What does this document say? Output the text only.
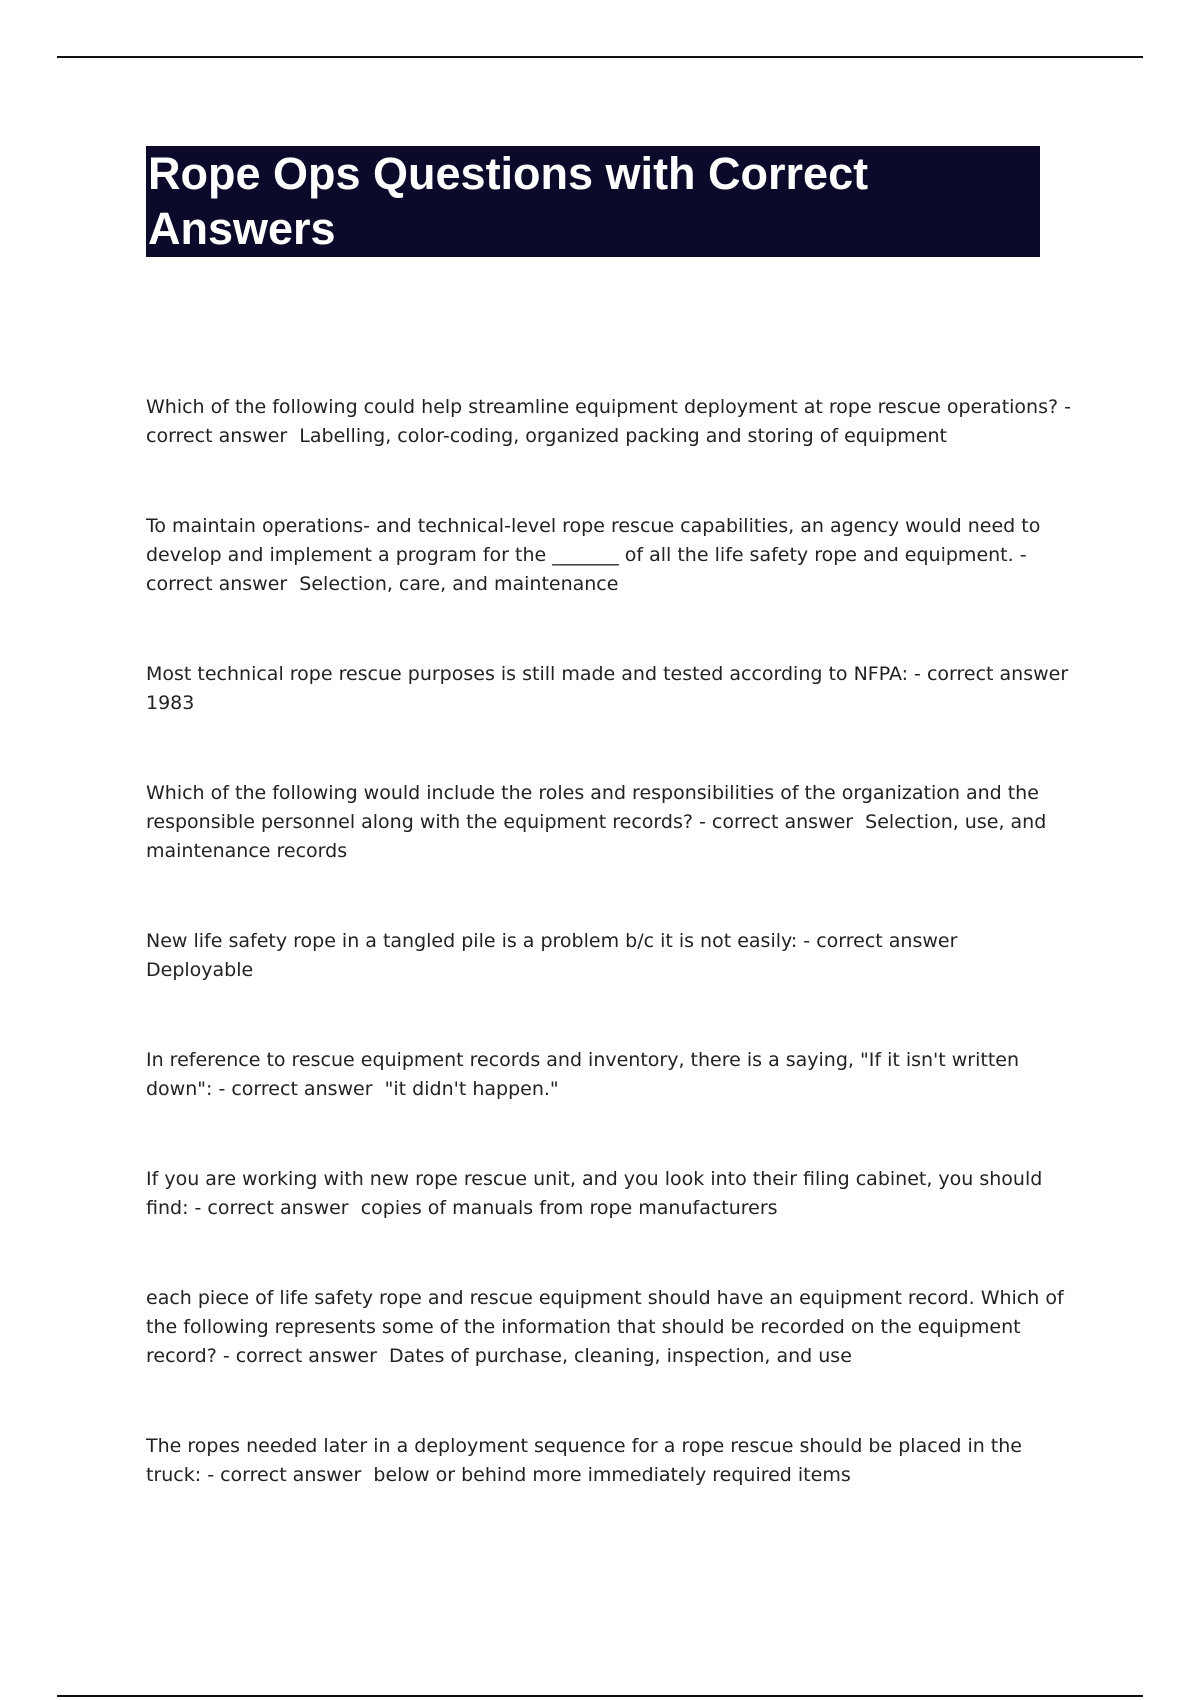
Rope Ops Questions with Correct Answers
Which of the following could help streamline equipment deployment at rope rescue operations? - correct answer Labelling, color-coding, organized packing and storing of equipment
To maintain operations- and technical-level rope rescue capabilities, an agency would need to develop and implement a program for the _______ of all the life safety rope and equipment. - correct answer Selection, care, and maintenance
Most technical rope rescue purposes is still made and tested according to NFPA: - correct answer  1983
Which of the following would include the roles and responsibilities of the organization and the responsible personnel along with the equipment records? - correct answer Selection, use, and maintenance records
New life safety rope in a tangled pile is a problem b/c it is not easily: - correct answer  Deployable
In reference to rescue equipment records and inventory, there is a saying, "If it isn't written down": - correct answer "it didn't happen."
If you are working with new rope rescue unit, and you look into their filing cabinet, you should find: - correct answer copies of manuals from rope manufacturers
each piece of life safety rope and rescue equipment should have an equipment record. Which of the following represents some of the information that should be recorded on the equipment record? - correct answer Dates of purchase, cleaning, inspection, and use
The ropes needed later in a deployment sequence for a rope rescue should be placed in the truck: - correct answer below or behind more immediately required items
